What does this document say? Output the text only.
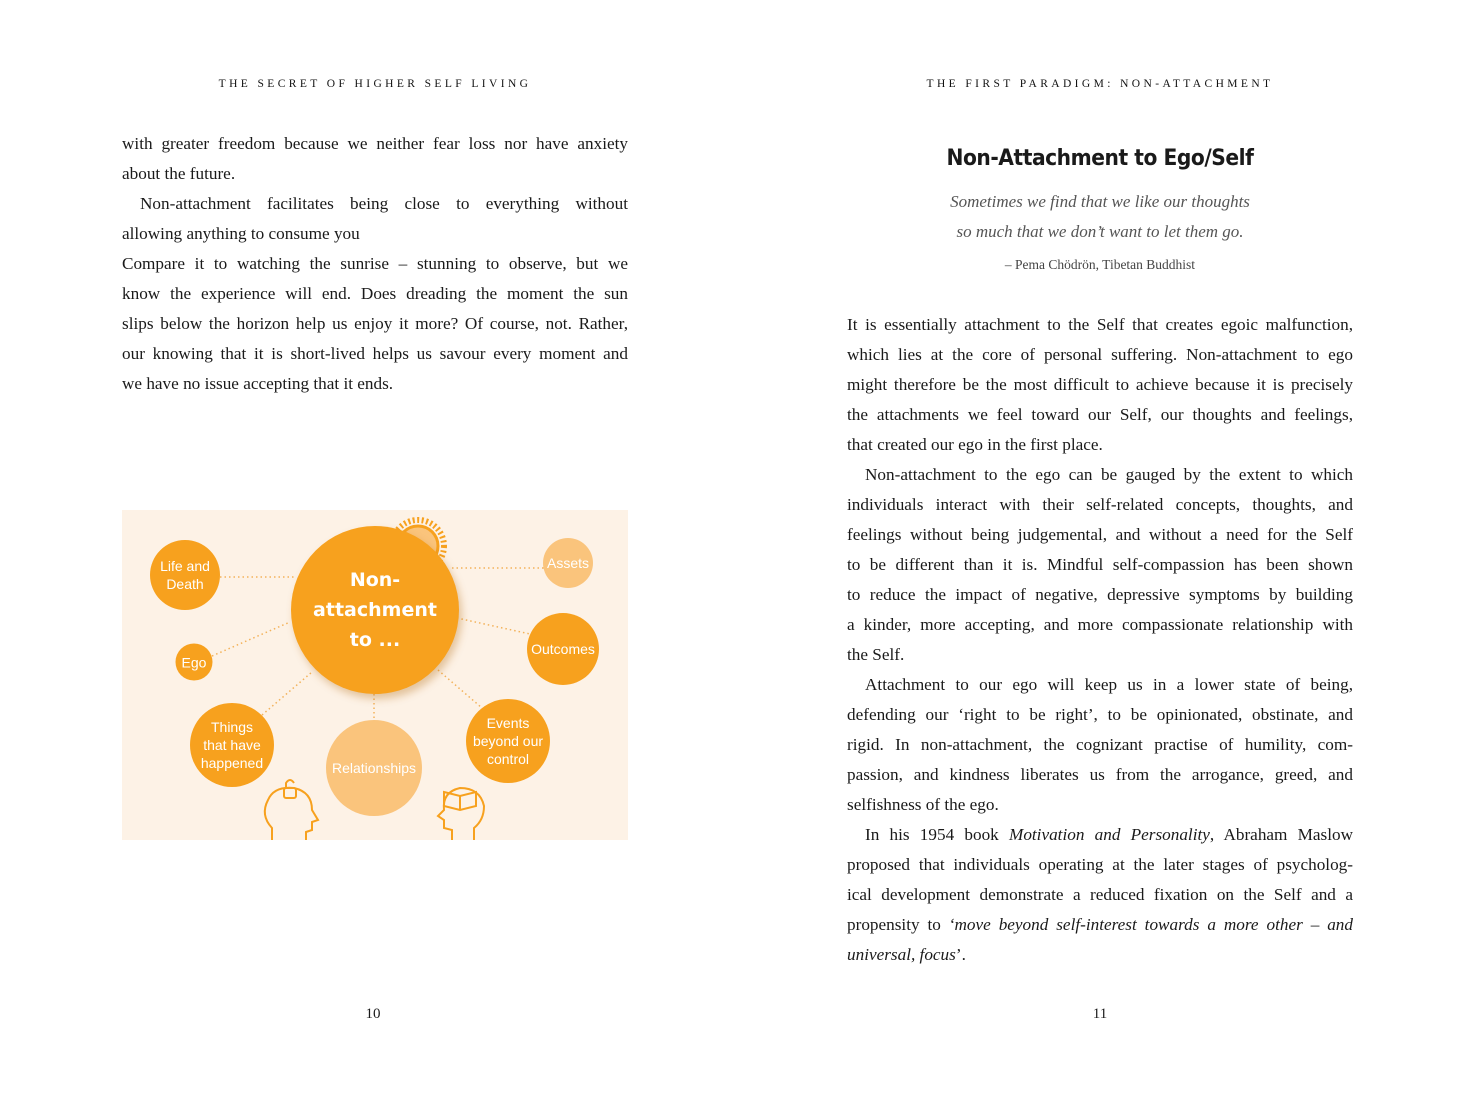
THE SECRET OF HIGHER SELF LIVING
with greater freedom because we neither fear loss nor have anxiety
about the future.
Non-attachment facilitates being close to everything without
allowing anything to consume you
Compare it to watching the sunrise – stunning to observe, but we
know the experience will end. Does dreading the moment the sun
slips below the horizon help us enjoy it more? Of course, not. Rather,
our knowing that it is short-lived helps us savour every moment and
we have no issue accepting that it ends.
Non-attachment
to ...
Life and Death
Assets
Outcomes
Ego
Things that have happened	Relationships
Events beyond our control
10
THE FIRST PARADIGM: NON-ATTACHMENT
Non-Attachment to Ego/Self
Sometimes we find that we like our thoughts
so much that we don’t want to let them go.
– Pema Chödrön, Tibetan Buddhist
It is essentially attachment to the Self that creates egoic malfunction,
which lies at the core of personal suffering. Non-attachment to ego
might therefore be the most difficult to achieve because it is precisely
the attachments we feel toward our Self, our thoughts and feelings,
that created our ego in the first place.
Non-attachment to the ego can be gauged by the extent to which
individuals interact with their self-related concepts, thoughts, and
feelings without being judgemental, and without a need for the Self
to be different than it is. Mindful self-compassion has been shown
to reduce the impact of negative, depressive symptoms by building
a kinder, more accepting, and more compassionate relationship with
the Self.
Attachment to our ego will keep us in a lower state of being,
defending our ‘right to be right’, to be opinionated, obstinate, and
rigid. In non-attachment, the cognizant practise of humility, com-
passion, and kindness liberates us from the arrogance, greed, and
selfishness of the ego.
In his 1954 book Motivation and Personality, Abraham Maslow
proposed that individuals operating at the later stages of psycholog-
ical development demonstrate a reduced fixation on the Self and a
propensity to ‘move beyond self-interest towards a more other – and
universal, focus’.
11
